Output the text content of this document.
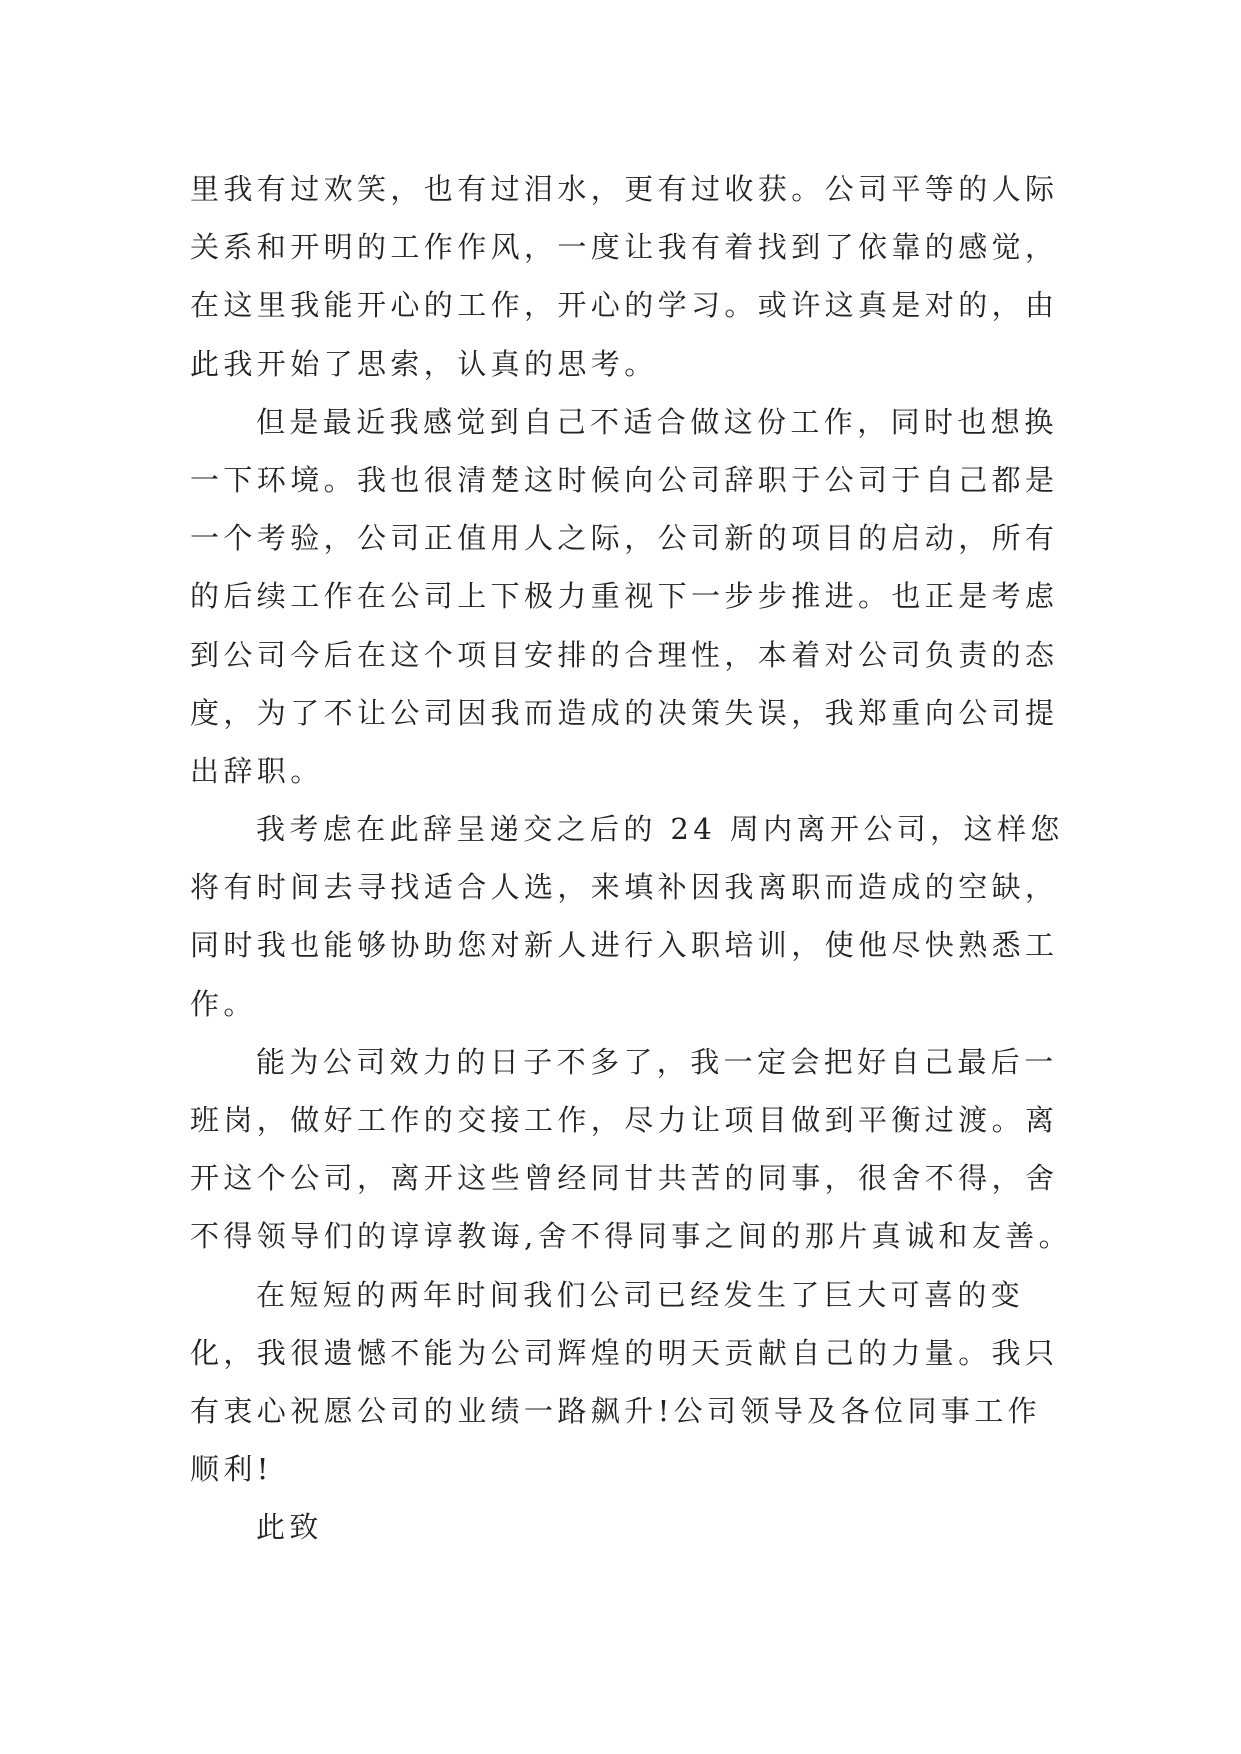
里我有过欢笑，也有过泪水，更有过收获。公司平等的人际
关系和开明的工作作风，一度让我有着找到了依靠的感觉，
在这里我能开心的工作，开心的学习。或许这真是对的，由
此我开始了思索，认真的思考。
但是最近我感觉到自己不适合做这份工作，同时也想换
一下环境。我也很清楚这时候向公司辞职于公司于自己都是
一个考验，公司正值用人之际，公司新的项目的启动，所有
的后续工作在公司上下极力重视下一步步推进。也正是考虑
到公司今后在这个项目安排的合理性，本着对公司负责的态
度，为了不让公司因我而造成的决策失误，我郑重向公司提
出辞职。
我考虑在此辞呈递交之后的 24 周内离开公司，这样您
将有时间去寻找适合人选，来填补因我离职而造成的空缺，
同时我也能够协助您对新人进行入职培训，使他尽快熟悉工
作。
能为公司效力的日子不多了，我一定会把好自己最后一
班岗，做好工作的交接工作，尽力让项目做到平衡过渡。离
开这个公司，离开这些曾经同甘共苦的同事，很舍不得，舍
不得领导们的谆谆教诲,舍不得同事之间的那片真诚和友善。
在短短的两年时间我们公司已经发生了巨大可喜的变
化，我很遗憾不能为公司辉煌的明天贡献自己的力量。我只
有衷心祝愿公司的业绩一路飙升!公司领导及各位同事工作
顺利!
此致
